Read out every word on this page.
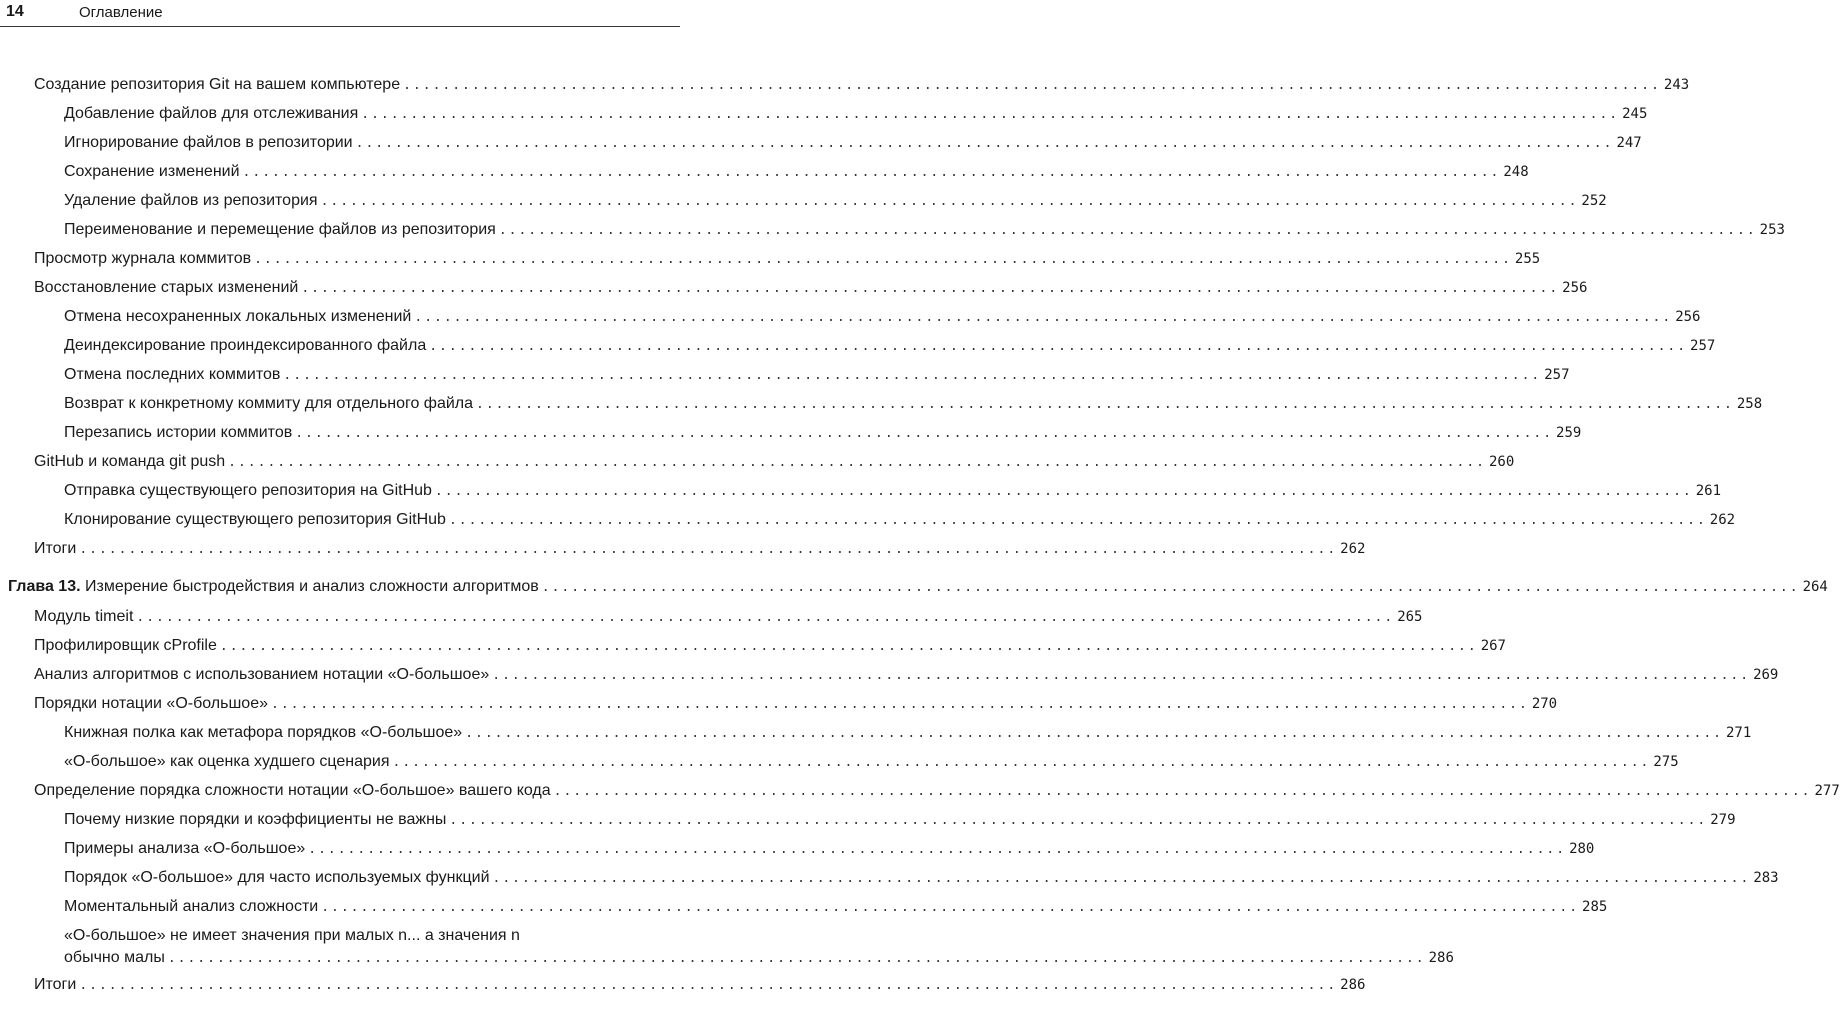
14	Оглавление
Создание репозитория Git на вашем компьютере .....	243
Добавление файлов для отслеживания .....	245
Игнорирование файлов в репозитории .....	247
Сохранение изменений .....	248
Удаление файлов из репозитория .....	252
Переименование и перемещение файлов из репозитория .....	253
Просмотр журнала коммитов .....	255
Восстановление старых изменений .....	256
Отмена несохраненных локальных изменений .....	256
Деиндексирование проиндексированного файла .....	257
Отмена последних коммитов .....	257
Возврат к конкретному коммиту для отдельного файла .....	258
Перезапись истории коммитов .....	259
GitHub и команда git push .....	260
Отправка существующего репозитория на GitHub .....	261
Клонирование существующего репозитория GitHub .....	262
Итоги .....	262
Глава 13. Измерение быстродействия и анализ сложности алгоритмов .....	264
Модуль timeit .....	265
Профилировщик cProfile .....	267
Анализ алгоритмов с использованием нотации «O-большое» .....	269
Порядки нотации «O-большое» .....	270
Книжная полка как метафора порядков «O-большое» .....	271
«O-большое» как оценка худшего сценария .....	275
Определение порядка сложности нотации «O-большое» вашего кода .....	277
Почему низкие порядки и коэффициенты не важны .....	279
Примеры анализа «O-большое» .....	280
Порядок «O-большое» для часто используемых функций .....	283
Моментальный анализ сложности .....	285
«O-большое» не имеет значения при малых n... а значения n
обычно малы .....	286
Итоги .....	286
